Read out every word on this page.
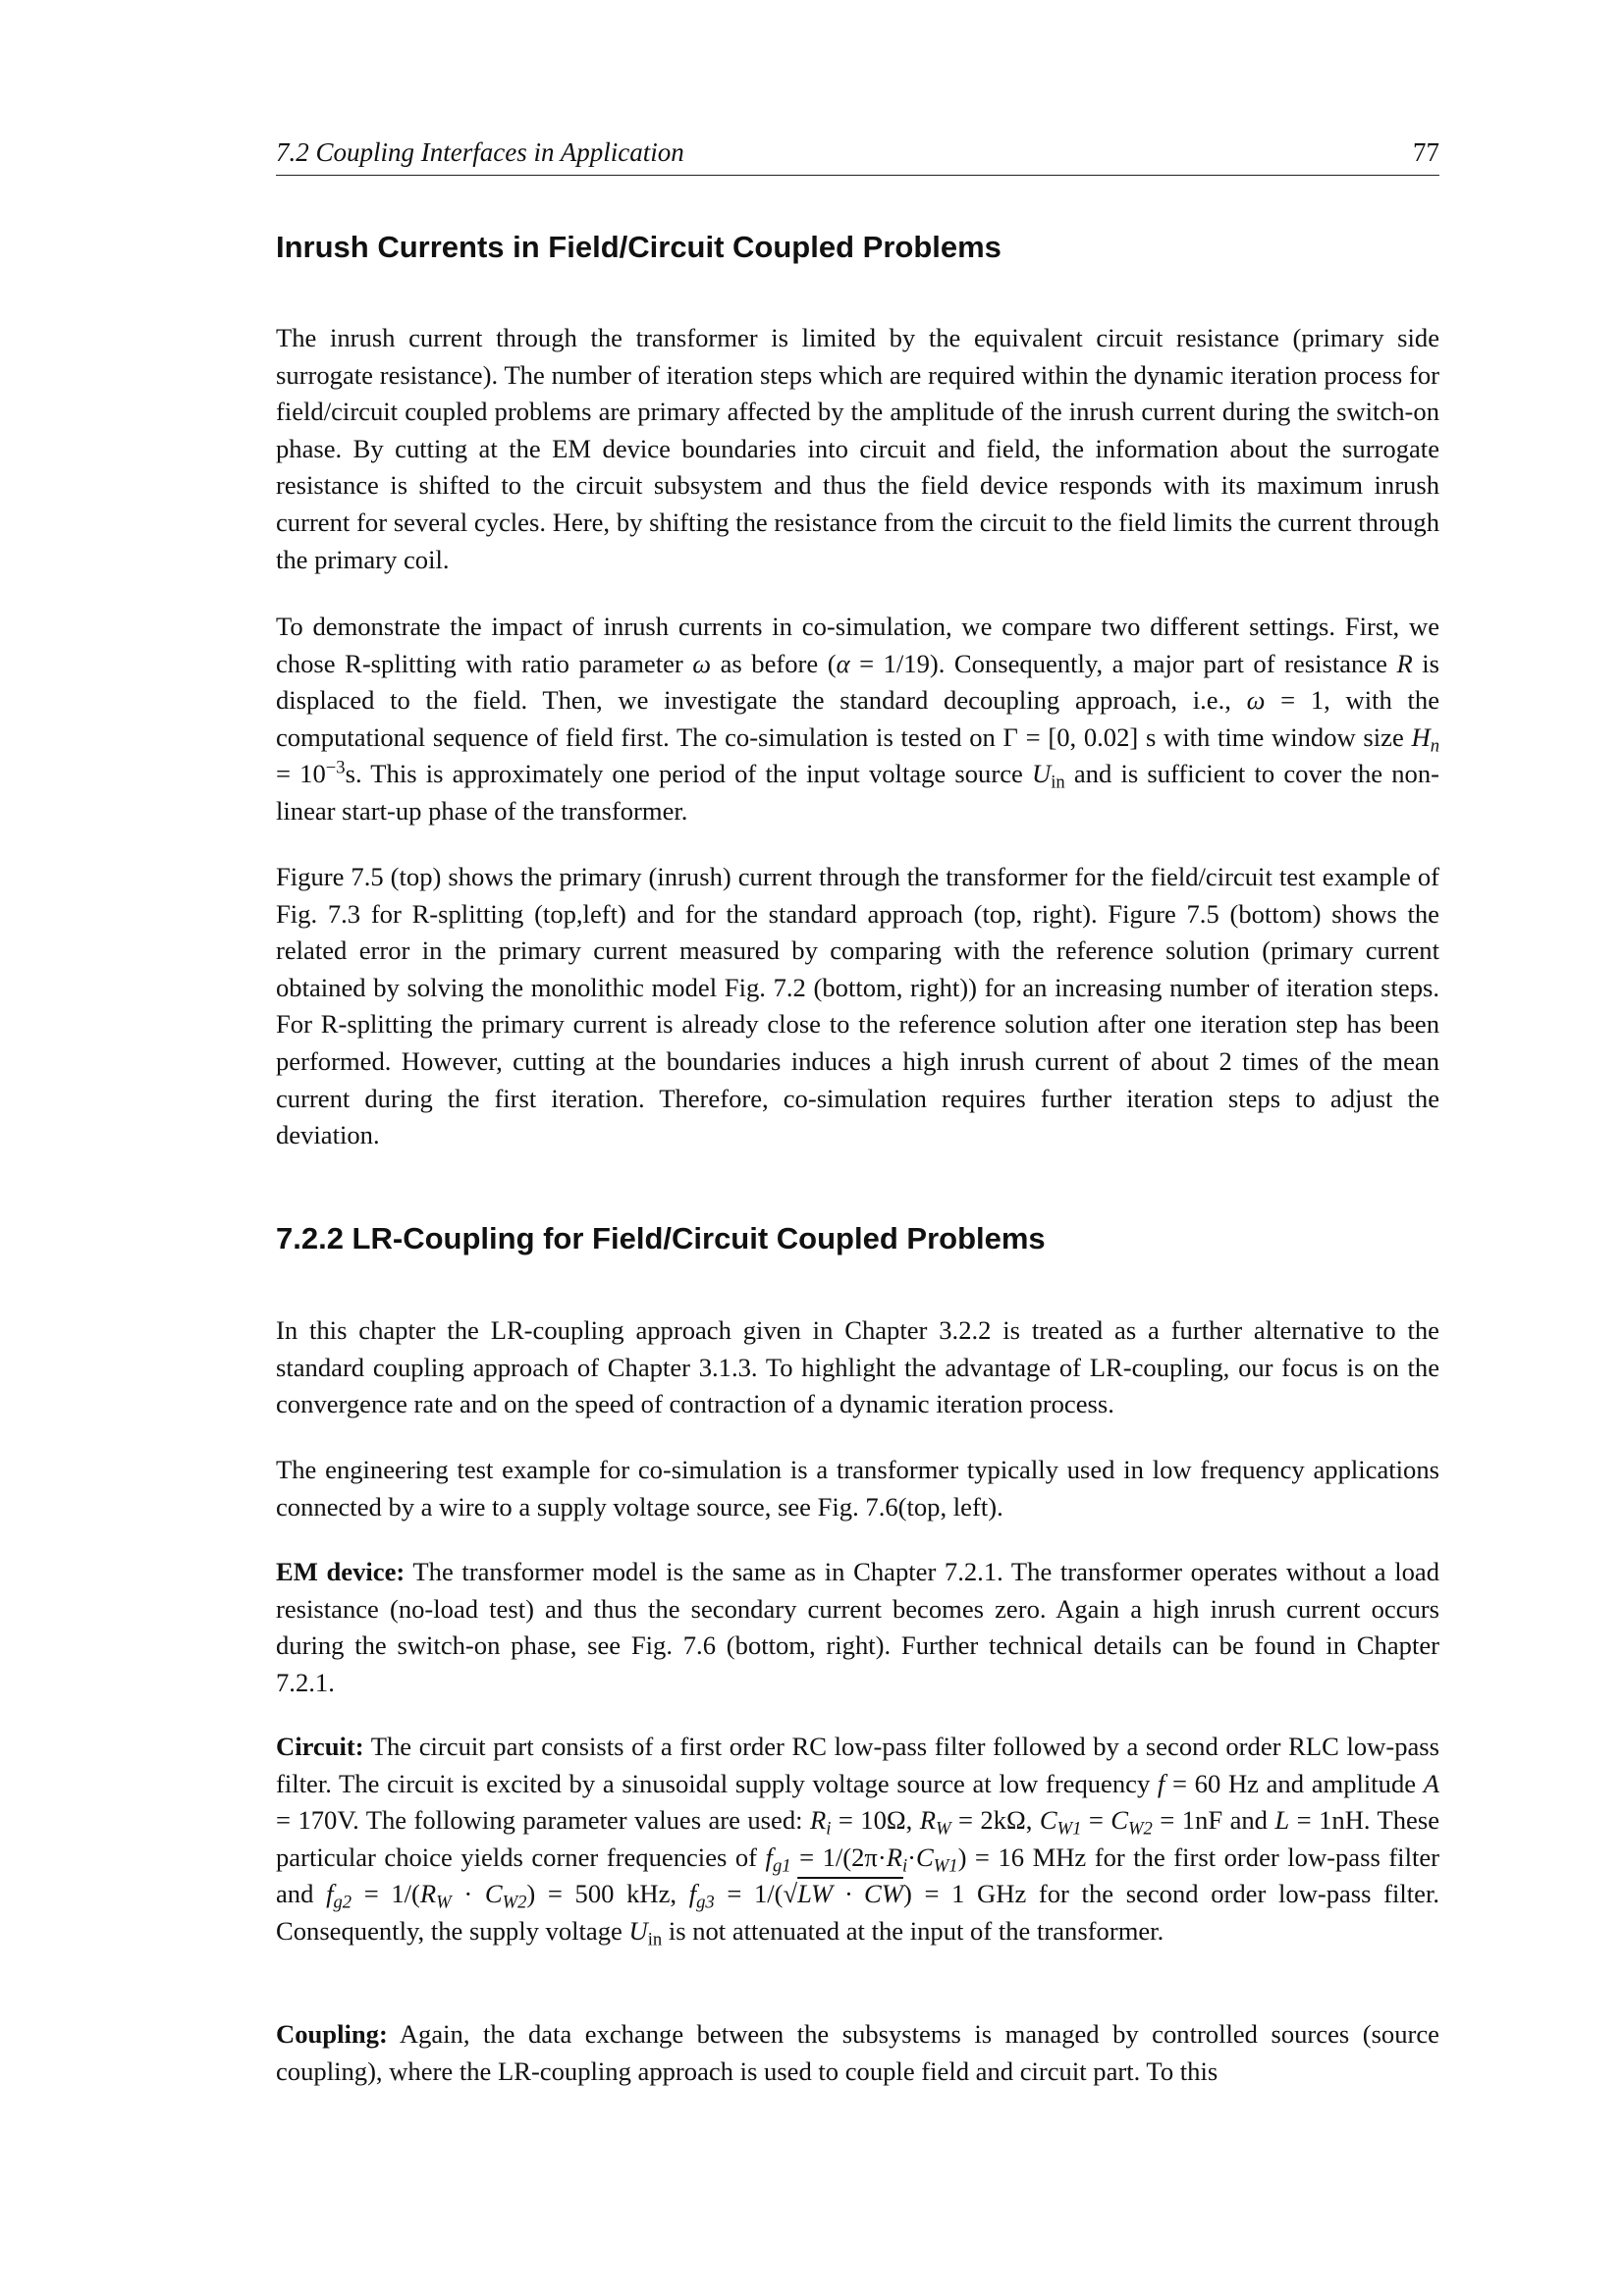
7.2 Coupling Interfaces in Application	77
Inrush Currents in Field/Circuit Coupled Problems

The inrush current through the transformer is limited by the equivalent circuit resistance (primary side surrogate resistance). The number of iteration steps which are required within the dynamic iteration process for field/circuit coupled problems are primary affected by the amplitude of the inrush current during the switch-on phase. By cutting at the EM device boundaries into circuit and field, the information about the surrogate resistance is shifted to the circuit subsystem and thus the field device responds with its maximum inrush current for several cycles. Here, by shifting the resistance from the circuit to the field limits the current through the primary coil.

To demonstrate the impact of inrush currents in co-simulation, we compare two different settings. First, we chose R-splitting with ratio parameter ω as before (α = 1/19). Consequently, a major part of resistance R is displaced to the field. Then, we investigate the standard decoupling approach, i.e., ω = 1, with the computational sequence of field first. The co-simulation is tested on Γ = [0, 0.02] s with time window size $H_n = 10^{-3}s$. This is approximately one period of the input voltage source $U_{in}$ and is sufficient to cover the non-linear start-up phase of the transformer.

Figure 7.5 (top) shows the primary (inrush) current through the transformer for the field/circuit test example of Fig. 7.3 for R-splitting (top,left) and for the standard approach (top, right). Figure 7.5 (bottom) shows the related error in the primary current measured by comparing with the reference solution (primary current obtained by solving the monolithic model Fig. 7.2 (bottom, right)) for an increasing number of iteration steps. For R-splitting the primary current is already close to the reference solution after one iteration step has been performed. However, cutting at the boundaries induces a high inrush current of about 2 times of the mean current during the first iteration. Therefore, co-simulation requires further iteration steps to adjust the deviation.

7.2.2 LR-Coupling for Field/Circuit Coupled Problems

In this chapter the LR-coupling approach given in Chapter 3.2.2 is treated as a further alternative to the standard coupling approach of Chapter 3.1.3. To highlight the advantage of LR-coupling, our focus is on the convergence rate and on the speed of contraction of a dynamic iteration process.

The engineering test example for co-simulation is a transformer typically used in low frequency applications connected by a wire to a supply voltage source, see Fig. 7.6(top, left).

EM device: The transformer model is the same as in Chapter 7.2.1. The transformer operates without a load resistance (no-load test) and thus the secondary current becomes zero. Again a high inrush current occurs during the switch-on phase, see Fig. 7.6 (bottom, right). Further technical details can be found in Chapter 7.2.1.

Circuit: The circuit part consists of a first order RC low-pass filter followed by a second order RLC low-pass filter. The circuit is excited by a sinusoidal supply voltage source at low frequency f = 60 Hz and amplitude A = 170V. The following parameter values are used: $R_i = 10\Omega$, $R_W = 2k\Omega$, $C_{W1} = C_{W2} = 1nF$ and L = 1nH. These particular choice yields corner frequencies of $f_{g1} = 1/(2\pi\cdot R_i\cdot C_{W1}) = 16$ MHz for the first order low-pass filter and $f_{g2} = 1/(R_W \cdot C_{W2}) = 500$ kHz, $f_{g3} = 1/(√LW \cdot CW) = 1$ GHz for the second order low-pass filter. Consequently, the supply voltage $U_{in}$ is not attenuated at the input of the transformer.

Coupling: Again, the data exchange between the subsystems is managed by controlled sources (source coupling), where the LR-coupling approach is used to couple field and circuit part. To this
